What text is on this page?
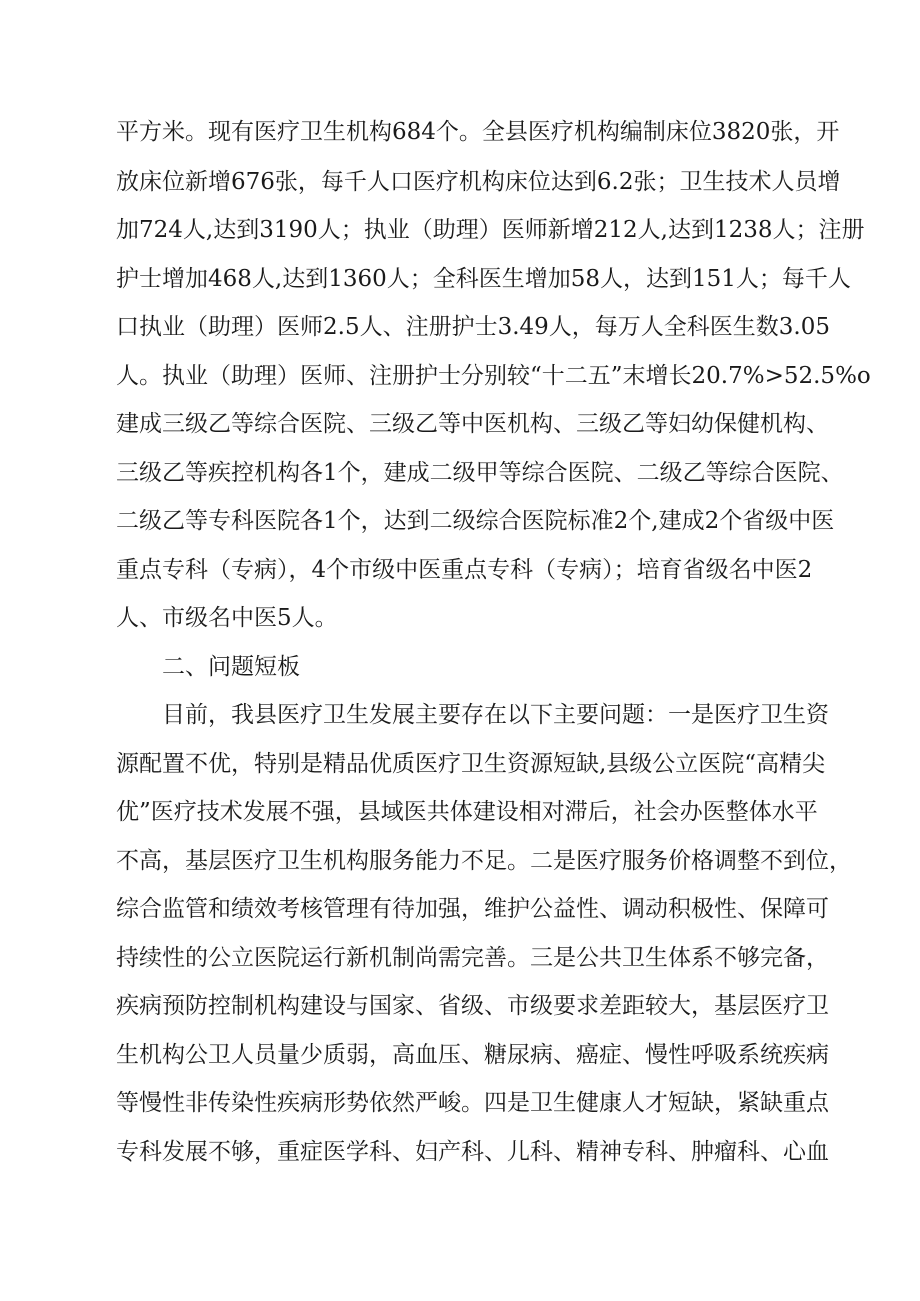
平方米。现有医疗卫生机构684个。全县医疗机构编制床位3820张，开
放床位新增676张，每千人口医疗机构床位达到6.2张；卫生技术人员增
加724人,达到3190人；执业（助理）医师新增212人,达到1238人；注册
护士增加468人,达到1360人；全科医生增加58人，达到151人；每千人
口执业（助理）医师2.5人、注册护士3.49人，每万人全科医生数3.05
人。执业（助理）医师、注册护士分别较“十二五”末增长20.7%>52.5%o
建成三级乙等综合医院、三级乙等中医机构、三级乙等妇幼保健机构、
三级乙等疾控机构各1个，建成二级甲等综合医院、二级乙等综合医院、
二级乙等专科医院各1个，达到二级综合医院标准2个,建成2个省级中医
重点专科（专病），4个市级中医重点专科（专病）；培育省级名中医2
人、市级名中医5人。
二、问题短板
目前，我县医疗卫生发展主要存在以下主要问题：一是医疗卫生资
源配置不优，特别是精品优质医疗卫生资源短缺,县级公立医院“高精尖
优”医疗技术发展不强，县域医共体建设相对滞后，社会办医整体水平
不高，基层医疗卫生机构服务能力不足。二是医疗服务价格调整不到位，
综合监管和绩效考核管理有待加强，维护公益性、调动积极性、保障可
持续性的公立医院运行新机制尚需完善。三是公共卫生体系不够完备，
疾病预防控制机构建设与国家、省级、市级要求差距较大，基层医疗卫
生机构公卫人员量少质弱，高血压、糖尿病、癌症、慢性呼吸系统疾病
等慢性非传染性疾病形势依然严峻。四是卫生健康人才短缺，紧缺重点
专科发展不够，重症医学科、妇产科、儿科、精神专科、肿瘤科、心血
